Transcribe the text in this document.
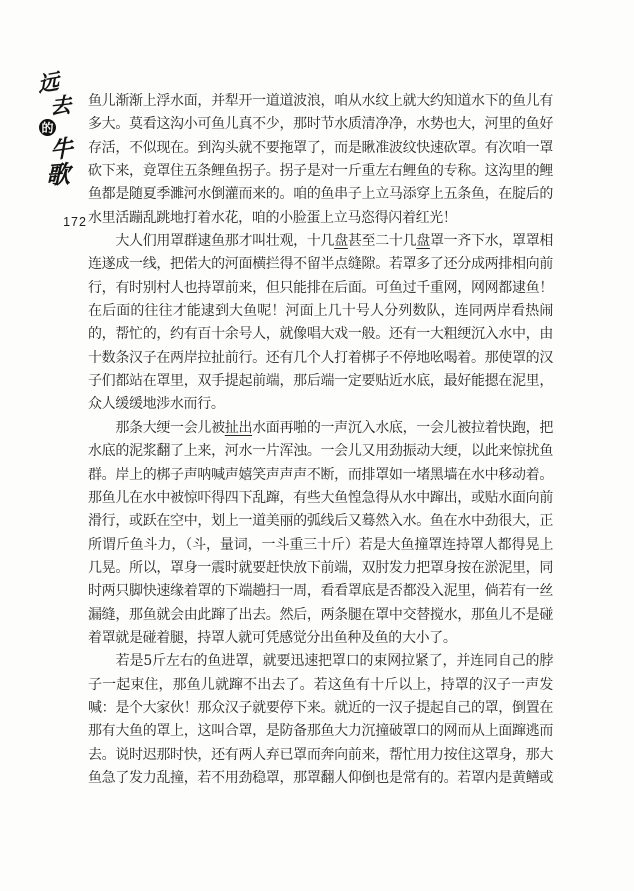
远
去
的
牛
歌
172
鱼儿渐渐上浮水面，并犁开一道道波浪，咱从水纹上就大约知道水下的鱼儿有
多大。莫看这沟小可鱼儿真不少，那时节水质清净净，水势也大，河里的鱼好
存活，不似现在。到沟头就不要拖罩了，而是瞅准波纹快速砍罩。有次咱一罩
砍下来，竟罩住五条鲤鱼拐子。拐子是对一斤重左右鲤鱼的专称。这沟里的鲤
鱼都是随夏季濉河水倒灌而来的。咱的鱼串子上立马添穿上五条鱼，在腚后的
水里活蹦乱跳地打着水花，咱的小脸蛋上立马恣得闪着红光！
　　大人们用罩群逮鱼那才叫壮观，十几盘甚至二十几盘罩一齐下水，罩罩相
连遂成一线，把偌大的河面横拦得不留半点缝隙。若罩多了还分成两排相向前
行，有时别村人也持罩前来，但只能排在后面。可鱼过千重网，网网都逮鱼！
在后面的往往才能逮到大鱼呢！河面上几十号人分列数队，连同两岸看热闹
的，帮忙的，约有百十余号人，就像唱大戏一般。还有一大粗绠沉入水中，由
十数条汉子在两岸拉扯前行。还有几个人打着梆子不停地吆喝着。那使罩的汉
子们都站在罩里，双手提起前端，那后端一定要贴近水底，最好能摁在泥里，
众人缓缓地涉水而行。
　　那条大绠一会儿被扯出水面再啪的一声沉入水底，一会儿被拉着快跑，把
水底的泥浆翻了上来，河水一片浑浊。一会儿又用劲振动大绠，以此来惊扰鱼
群。岸上的梆子声呐喊声嬉笑声声声不断，而排罩如一堵黑墙在水中移动着。
那鱼儿在水中被惊吓得四下乱蹿，有些大鱼惶急得从水中蹿出，或贴水面向前
滑行，或跃在空中，划上一道美丽的弧线后又蓦然入水。鱼在水中劲很大，正
所谓斤鱼斗力，（斗，量词，一斗重三十斤）若是大鱼撞罩连持罩人都得晃上
几晃。所以，罩身一震时就要赶快放下前端，双肘发力把罩身按在淤泥里，同
时两只脚快速缘着罩的下端趟扫一周，看看罩底是否都没入泥里，倘若有一丝
漏缝，那鱼就会由此蹿了出去。然后，两条腿在罩中交替搅水，那鱼儿不是碰
着罩就是碰着腿，持罩人就可凭感觉分出鱼种及鱼的大小了。
　　若是5斤左右的鱼进罩，就要迅速把罩口的束网拉紧了，并连同自己的脖
子一起束住，那鱼儿就蹿不出去了。若这鱼有十斤以上，持罩的汉子一声发
喊：是个大家伙！那众汉子就要停下来。就近的一汉子提起自己的罩，倒置在
那有大鱼的罩上，这叫合罩，是防备那鱼大力沉撞破罩口的网而从上面蹿逃而
去。说时迟那时快，还有两人弃已罩而奔向前来，帮忙用力按住这罩身，那大
鱼急了发力乱撞，若不用劲稳罩，那罩翻人仰倒也是常有的。若罩内是黄鳝或
